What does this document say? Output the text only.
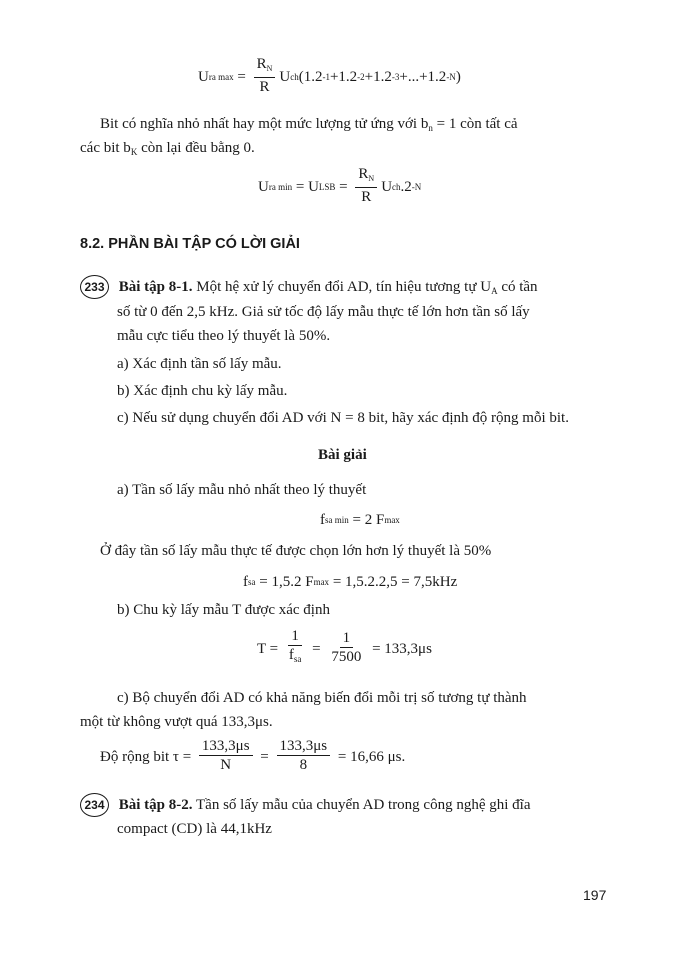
U ra $\max = \frac{R_N}{R}$ U ch (1.2 -1 +1.2 -2 +1.2 -3 +...+1.2 -N )
Bit có nghĩa nhỏ nhất hay một mức lượng tử ứng với $b_n = 1$ còn tất cả
các bit $b_K$ còn lại đều bằng 0.
U ra min = U LSB = $\frac{R_N}{R}$ U ch .2 -N
8.2. PHẦN BÀI TẬP CÓ LỜI GIẢI
233 Bài tập 8-1. Một hệ xử lý chuyển đổi AD, tín hiệu tương tự $U_A$ có tần
số từ 0 đến 2,5 kHz. Giả sử tốc độ lấy mẫu thực tế lớn hơn tần số lấy
mẫu cực tiểu theo lý thuyết là 50%.
a) Xác định tần số lấy mẫu.
b) Xác định chu kỳ lấy mẫu.
c) Nếu sử dụng chuyển đổi AD với N = 8 bit, hãy xác định độ rộng mỗi bit.
Bài giải
a) Tần số lấy mẫu nhỏ nhất theo lý thuyết
f sa min = 2 F max
Ở đây tần số lấy mẫu thực tế được chọn lớn hơn lý thuyết là 50%
f sa = 1,5.2 F max = 1,5.2.2,5 = 7,5kHz
b) Chu kỳ lấy mẫu T được xác định
$T = \frac{1}{f_{sa}} = \frac{1}{7500} = 133,3\mu s$
c) Bộ chuyển đổi AD có khả năng biến đổi mỗi trị số tương tự thành
một từ không vượt quá 133,3μs.
Độ rộng bit $\tau = \frac{133,3\mu s}{N} = \frac{133,3\mu s}{8} = 16,66$ μs.
234 Bài tập 8-2. Tần số lấy mẫu của chuyển AD trong công nghệ ghi đĩa
compact (CD) là 44,1kHz
197
